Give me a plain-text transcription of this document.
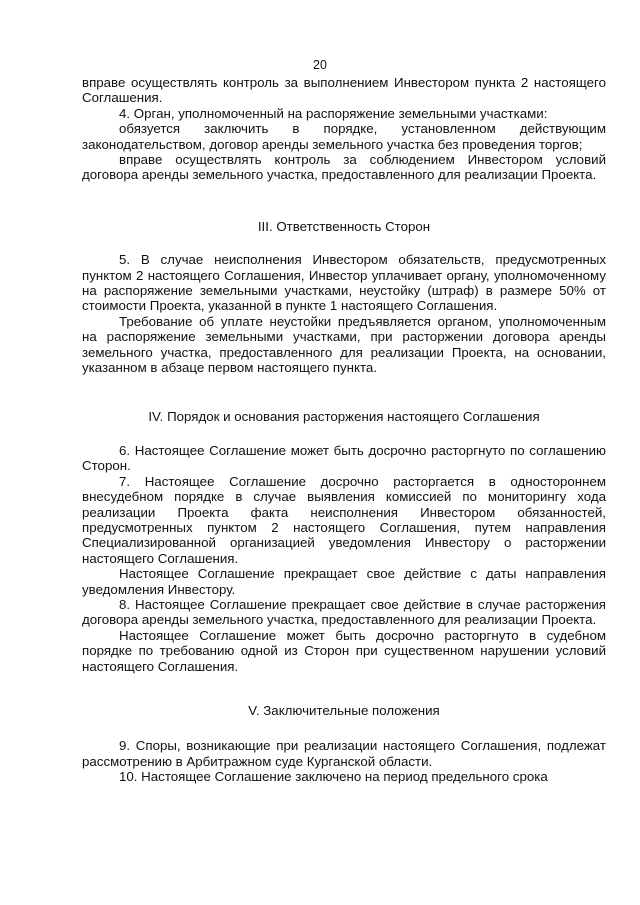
20

вправе осуществлять контроль за выполнением Инвестором пункта 2 настоящего Соглашения.

4. Орган, уполномоченный на распоряжение земельными участками:

обязуется заключить в порядке, установленном действующим законодательством, договор аренды земельного участка без проведения торгов;

вправе осуществлять контроль за соблюдением Инвестором условий договора аренды земельного участка, предоставленного для реализации Проекта.

III. Ответственность Сторон

5. В случае неисполнения Инвестором обязательств, предусмотренных пунктом 2 настоящего Соглашения, Инвестор уплачивает органу, уполномоченному на распоряжение земельными участками, неустойку (штраф) в размере 50% от стоимости Проекта, указанной в пункте 1 настоящего Соглашения.

Требование об уплате неустойки предъявляется органом, уполномоченным на распоряжение земельными участками, при расторжении договора аренды земельного участка, предоставленного для реализации Проекта, на основании, указанном в абзаце первом настоящего пункта.

IV. Порядок и основания расторжения настоящего Соглашения

6. Настоящее Соглашение может быть досрочно расторгнуто по соглашению Сторон.

7. Настоящее Соглашение досрочно расторгается в одностороннем внесудебном порядке в случае выявления комиссией по мониторингу хода реализации Проекта факта неисполнения Инвестором обязанностей, предусмотренных пунктом 2 настоящего Соглашения, путем направления Специализированной организацией уведомления Инвестору о расторжении настоящего Соглашения.

Настоящее Соглашение прекращает свое действие с даты направления уведомления Инвестору.

8. Настоящее Соглашение прекращает свое действие в случае расторжения договора аренды земельного участка, предоставленного для реализации Проекта.

Настоящее Соглашение может быть досрочно расторгнуто в судебном порядке по требованию одной из Сторон при существенном нарушении условий настоящего Соглашения.

V. Заключительные положения

9. Споры, возникающие при реализации настоящего Соглашения, подлежат рассмотрению в Арбитражном суде Курганской области.

10. Настоящее Соглашение заключено на период предельного срока
